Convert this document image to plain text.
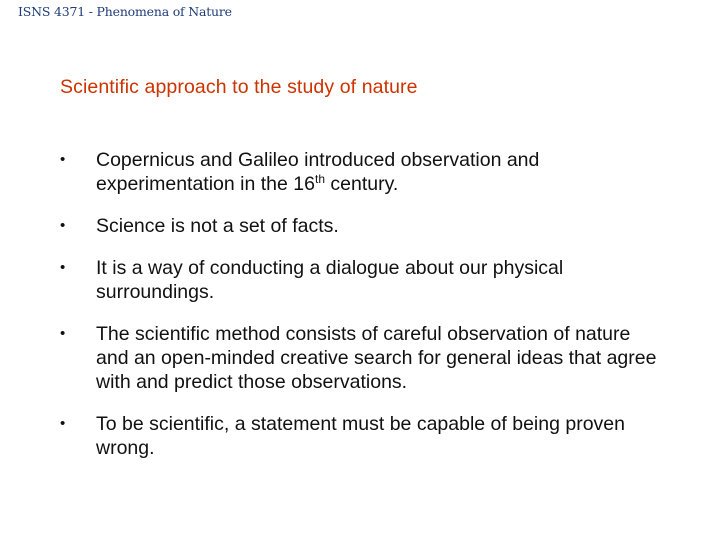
ISNS 4371 - Phenomena of Nature
Scientific approach to the study of nature
•	Copernicus and Galileo introduced observation and experimentation in the 16th century.
•	Science is not a set of facts.
•	It is a way of conducting a dialogue about our physical surroundings.
•	The scientific method consists of careful observation of nature and an open-minded creative search for general ideas that agree with and predict those observations.
•	To be scientific, a statement must be capable of being proven wrong.
